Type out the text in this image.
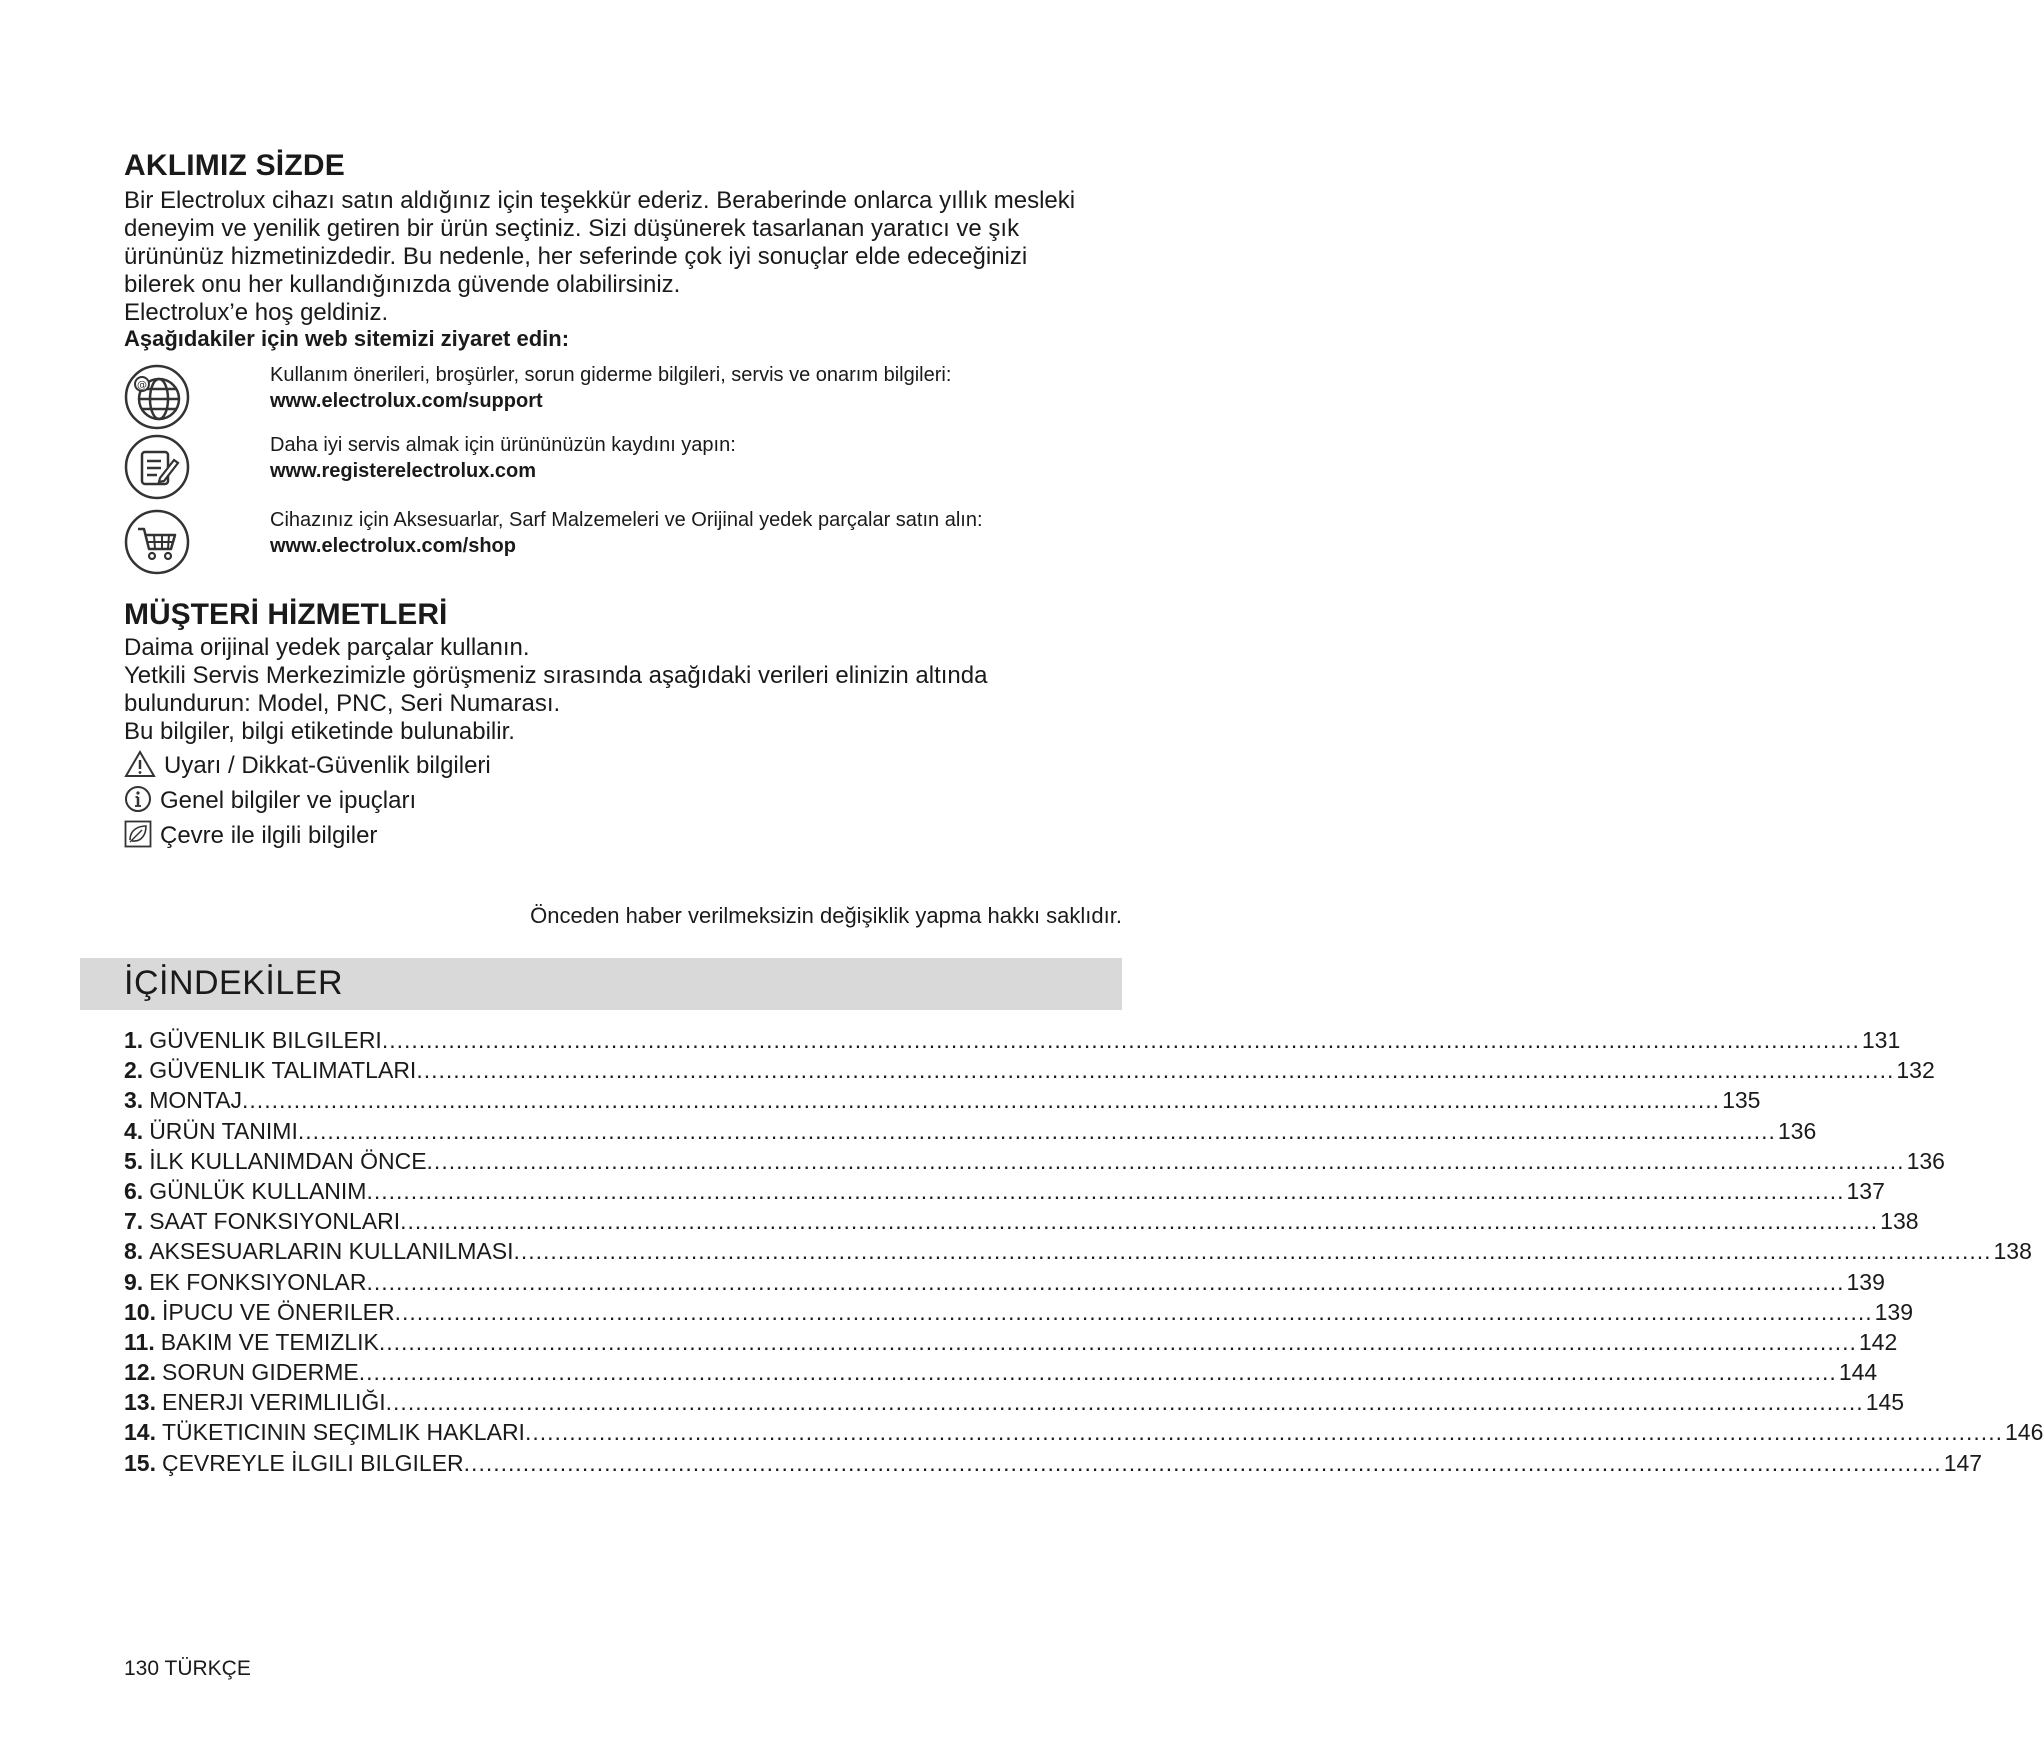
AKLIMIZ SİZDE
Bir Electrolux cihazı satın aldığınız için teşekkür ederiz. Beraberinde onlarca yıllık mesleki
deneyim ve yenilik getiren bir ürün seçtiniz. Sizi düşünerek tasarlanan yaratıcı ve şık
ürününüz hizmetinizdedir. Bu nedenle, her seferinde çok iyi sonuçlar elde edeceğinizi
bilerek onu her kullandığınızda güvende olabilirsiniz.
Electrolux’e hoş geldiniz.
Aşağıdakiler için web sitemizi ziyaret edin:
@	Kullanım önerileri, broşürler, sorun giderme bilgileri, servis ve onarım bilgileri:
www.electrolux.com/support
Daha iyi servis almak için ürününüzün kaydını yapın:
www.registerelectrolux.com
Cihazınız için Aksesuarlar, Sarf Malzemeleri ve Orijinal yedek parçalar satın alın:
www.electrolux.com/shop
MÜŞTERİ HİZMETLERİ
Daima orijinal yedek parçalar kullanın.
Yetkili Servis Merkezimizle görüşmeniz sırasında aşağıdaki verileri elinizin altında
bulundurun: Model, PNC, Seri Numarası.
Bu bilgiler, bilgi etiketinde bulunabilir.
Uyarı / Dikkat-Güvenlik bilgileri
Genel bilgiler ve ipuçları
Çevre ile ilgili bilgiler
Önceden haber verilmeksizin değişiklik yapma hakkı saklıdır.
İÇİNDEKİLER
1. GÜVENLIK BILGILERI ........................................................................................................................................................................................................ 131
2. GÜVENLIK TALIMATLARI ........................................................................................................................................................................................................ 132
3. MONTAJ ........................................................................................................................................................................................................ 135
4. ÜRÜN TANIMI ........................................................................................................................................................................................................ 136
5. İLK KULLANIMDAN ÖNCE ........................................................................................................................................................................................................ 136
6. GÜNLÜK KULLANIM ........................................................................................................................................................................................................ 137
7. SAAT FONKSIYONLARI ........................................................................................................................................................................................................ 138
8. AKSESUARLARIN KULLANILMASI ........................................................................................................................................................................................................ 138
9. EK FONKSIYONLAR ........................................................................................................................................................................................................ 139
10. İPUCU VE ÖNERILER ........................................................................................................................................................................................................ 139
11. BAKIM VE TEMIZLIK ........................................................................................................................................................................................................ 142
12. SORUN GIDERME ........................................................................................................................................................................................................ 144
13. ENERJI VERIMLILIĞI ........................................................................................................................................................................................................ 145
14. TÜKETICININ SEÇIMLIK HAKLARI ........................................................................................................................................................................................................ 146
15. ÇEVREYLE İLGILI BILGILER ........................................................................................................................................................................................................ 147
130 TÜRKÇE
